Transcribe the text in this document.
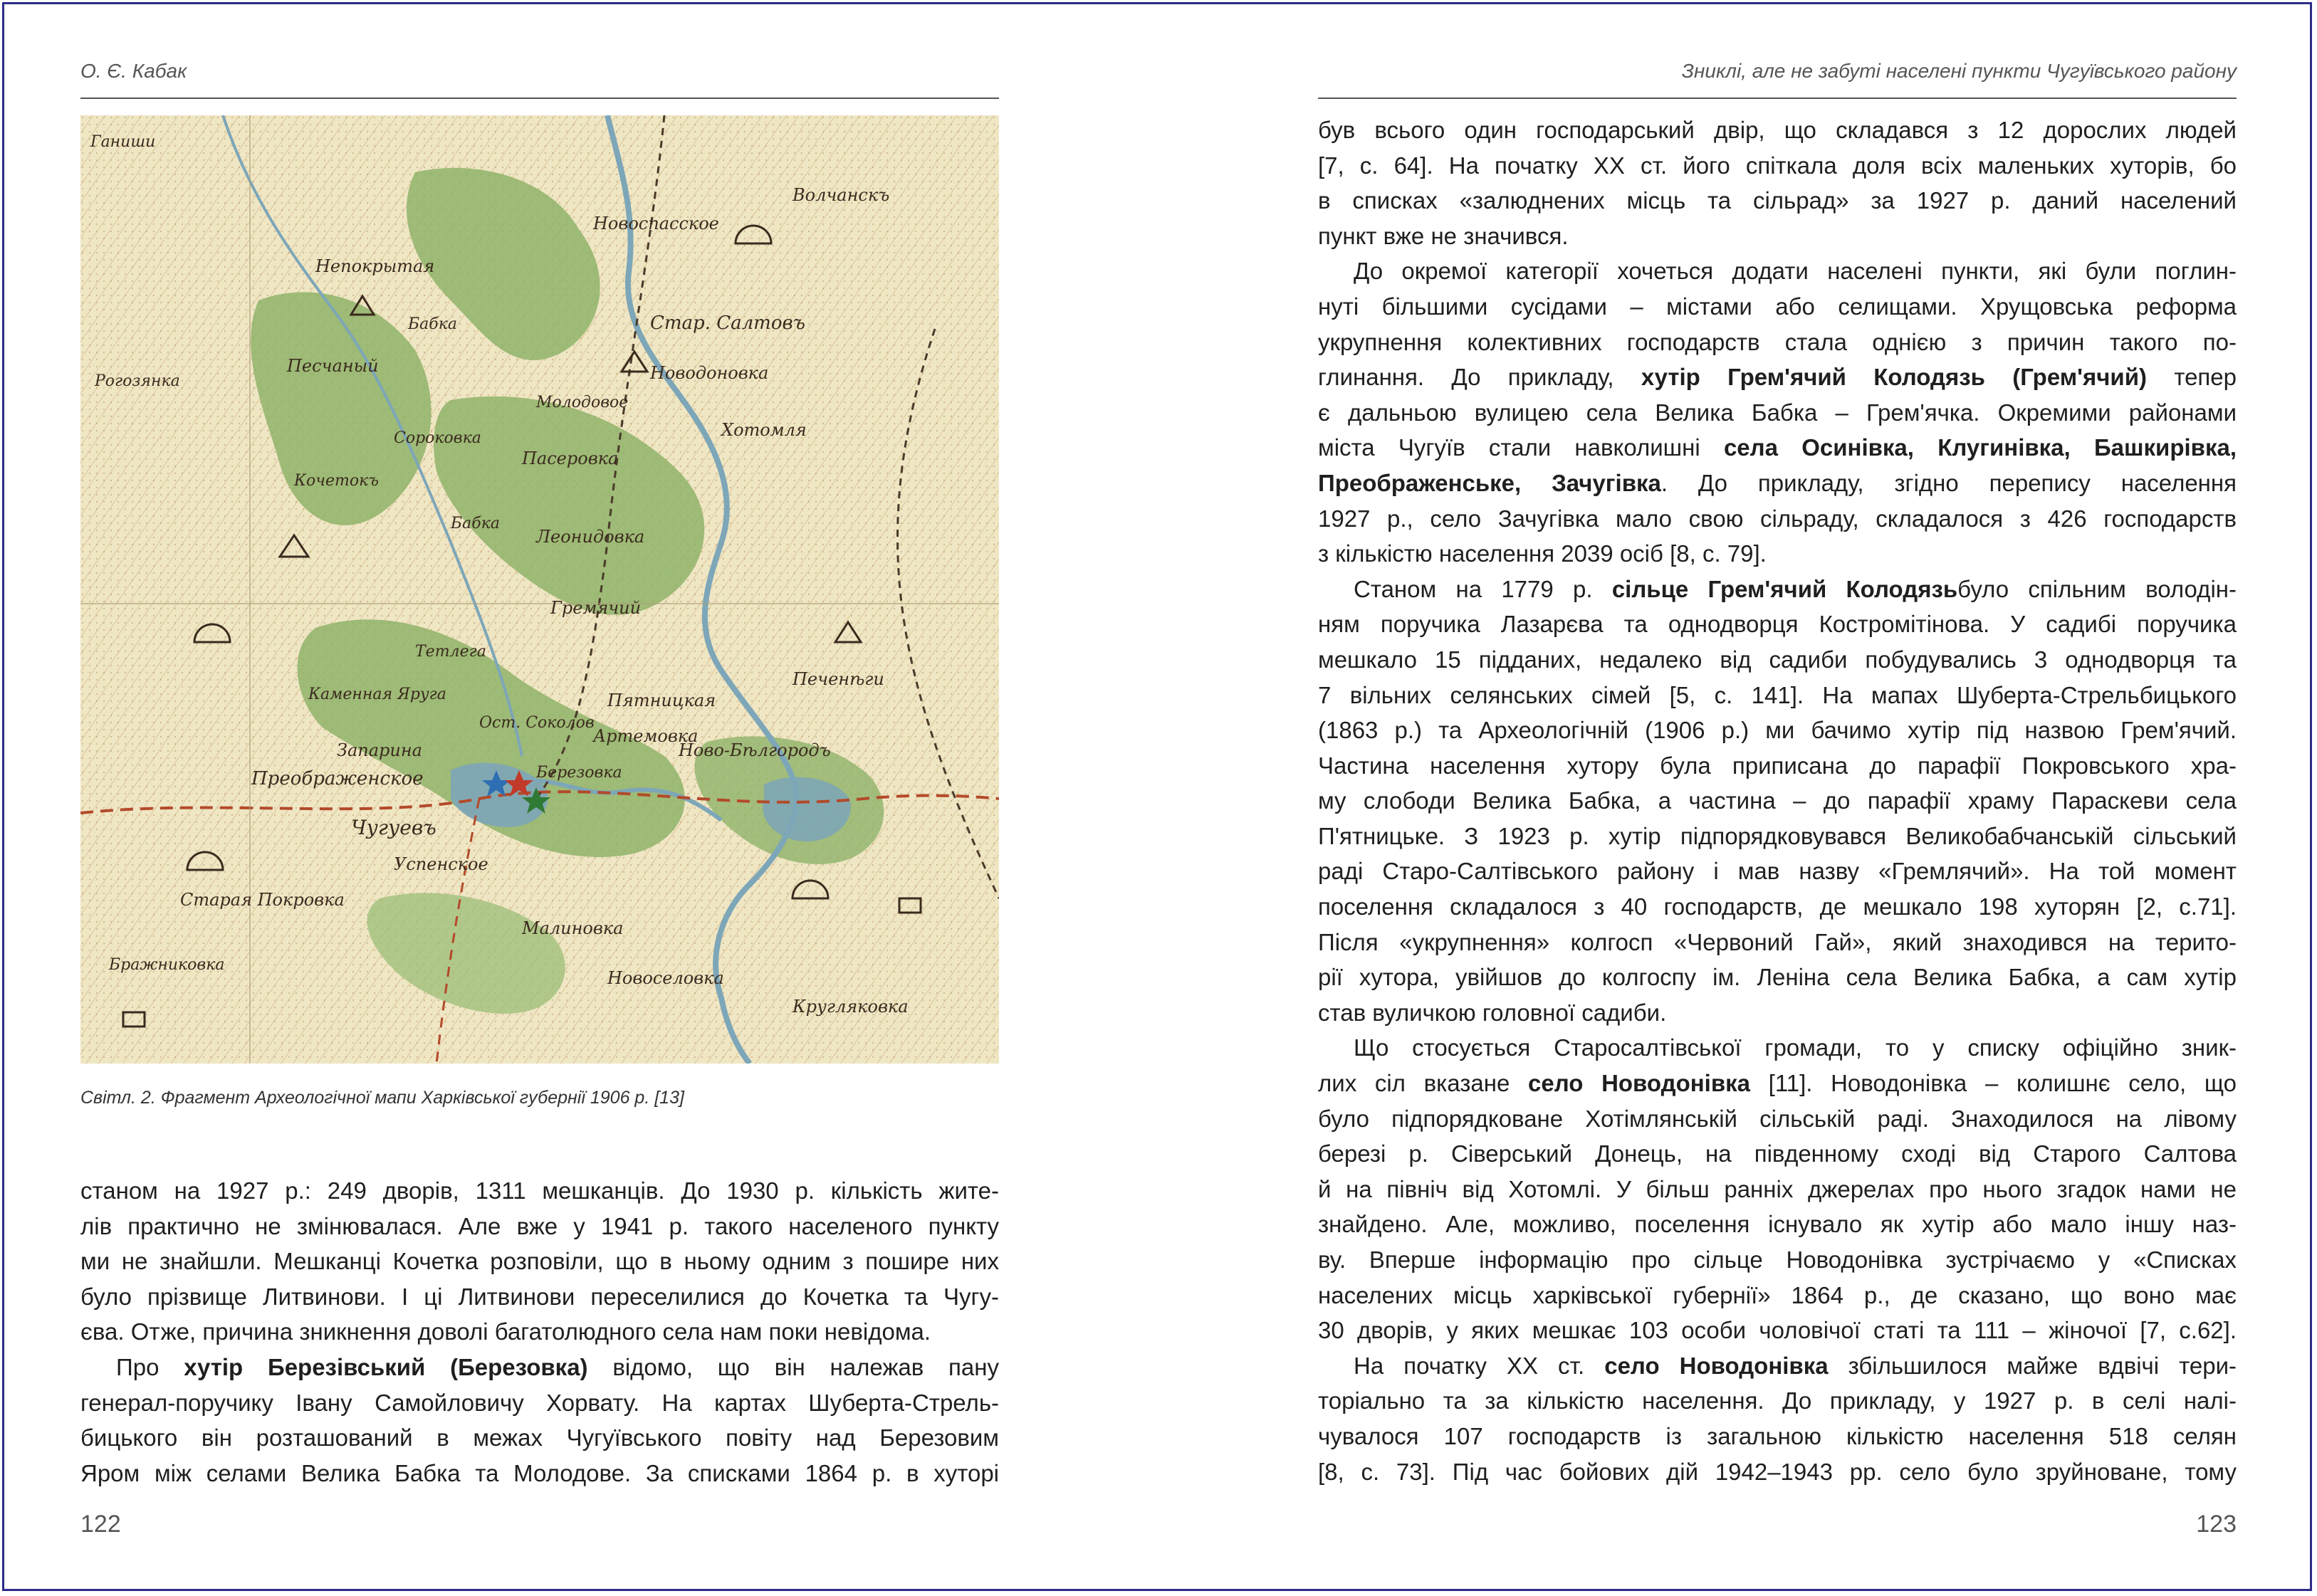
О. Є. Кабак
Ганиши
Непокрытая
Песчаный
Сороковка
Кочетокъ
Пасеровка
Леонидовка
Гремячий
Пятницкая
Запарина
Новоспасское
Стар. Салтовъ
Новодоновка
Хотомля
Молодовое
Бабка
Чугуевъ
Преображенское
Успенское
Малиновка
Каменная Яруга
Березовка
Артемовка
Ново-Бѣлгородъ
Тетлега
Волчанскъ
Бражниковка
Рогозянка
Кругляковка
Старая Покровка
Печенѣги
Новоселовка
Ост. Соколов
Бабка
Світл. 2. Фрагмент Археологічної мапи Харківської губернії 1906 р. [13]
станом на 1927 р.: 249 дворів, 1311 мешканців. До 1930 р. кількість жите-
лів практично не змінювалася. Але вже у 1941 р. такого населеного пункту
ми не знайшли. Мешканці Кочетка розповіли, що в ньому одним з пошире них
було прізвище Литвинови. І ці Литвинови переселилися до Кочетка та Чугу-
єва. Отже, причина зникнення доволі багатолюдного села нам поки невідома.
Про хутір Березівський (Березовка) відомо, що він належав пану
генерал-поручику Івану Самойловичу Хорвату. На картах Шуберта-Стрель-
бицького він розташований в межах Чугуївського повіту над Березовим
Яром між селами Велика Бабка та Молодове. За списками 1864 р. в хуторі
122
Зниклі, але не забуті населені пункти Чугуївського району
був всього один господарський двір, що складався з 12 дорослих людей
[7, с. 64]. На початку ХХ ст. його спіткала доля всіх маленьких хуторів, бо
в списках «залюднених місць та сільрад» за 1927 р. даний населений
пункт вже не значився.
До окремої категорії хочеться додати населені пункти, які були поглин-
нуті більшими сусідами – містами або селищами. Хрущовська реформа
укрупнення колективних господарств стала однією з причин такого по-
глинання. До прикладу, хутір Грем'ячий Колодязь (Грем'ячий) тепер
є дальньою вулицею села Велика Бабка – Грем'ячка. Окремими районами
міста Чугуїв стали навколишні села Осинівка, Клугинівка, Башкирівка,
Преображенське, Зачугівка. До прикладу, згідно перепису населення
1927 р., село Зачугівка мало свою сільраду, складалося з 426 господарств
з кількістю населення 2039 осіб [8, с. 79].
Станом на 1779 р. сільце Грем'ячий Колодязьбуло спільним володін-
ням поручика Лазарєва та однодворця Костромітінова. У садибі поручика
мешкало 15 підданих, недалеко від садиби побудувались 3 однодворця та
7 вільних селянських сімей [5, с. 141]. На мапах Шуберта-Стрельбицького
(1863 р.) та Археологічній (1906 р.) ми бачимо хутір під назвою Грем'ячий.
Частина населення хутору була приписана до парафії Покровського хра-
му слободи Велика Бабка, а частина – до парафії храму Параскеви села
П'ятницьке. З 1923 р. хутір підпорядковувався Великобабчанській сільський
раді Старо-Салтівського району і мав назву «Гремлячий». На той момент
поселення складалося з 40 господарств, де мешкало 198 хуторян [2, с.71].
Після «укрупнення» колгосп «Червоний Гай», який знаходився на терито-
рії хутора, увійшов до колгоспу ім. Леніна села Велика Бабка, а сам хутір
став вуличкою головної садиби.
Що стосується Старосалтівської громади, то у списку офіційно зник-
лих сіл вказане село Новодонівка [11]. Новодонівка – колишнє село, що
було підпорядковане Хотімлянській сільській раді. Знаходилося на лівому
березі р. Сіверський Донець, на південному сході від Старого Салтова
й на північ від Хотомлі. У більш ранніх джерелах про нього згадок нами не
знайдено. Але, можливо, поселення існувало як хутір або мало іншу наз-
ву. Вперше інформацію про сільце Новодонівка зустрічаємо у «Списках
населених місць харківської губернії» 1864 р., де сказано, що воно має
30 дворів, у яких мешкає 103 особи чоловічої статі та 111 – жіночої [7, с.62].
На початку ХХ ст. село Новодонівка збільшилося майже вдвічі тери-
торіально та за кількістю населення. До прикладу, у 1927 р. в селі налі-
чувалося 107 господарств із загальною кількістю населення 518 селян
[8, с. 73]. Під час бойових дій 1942–1943 рр. село було зруйноване, тому
123
